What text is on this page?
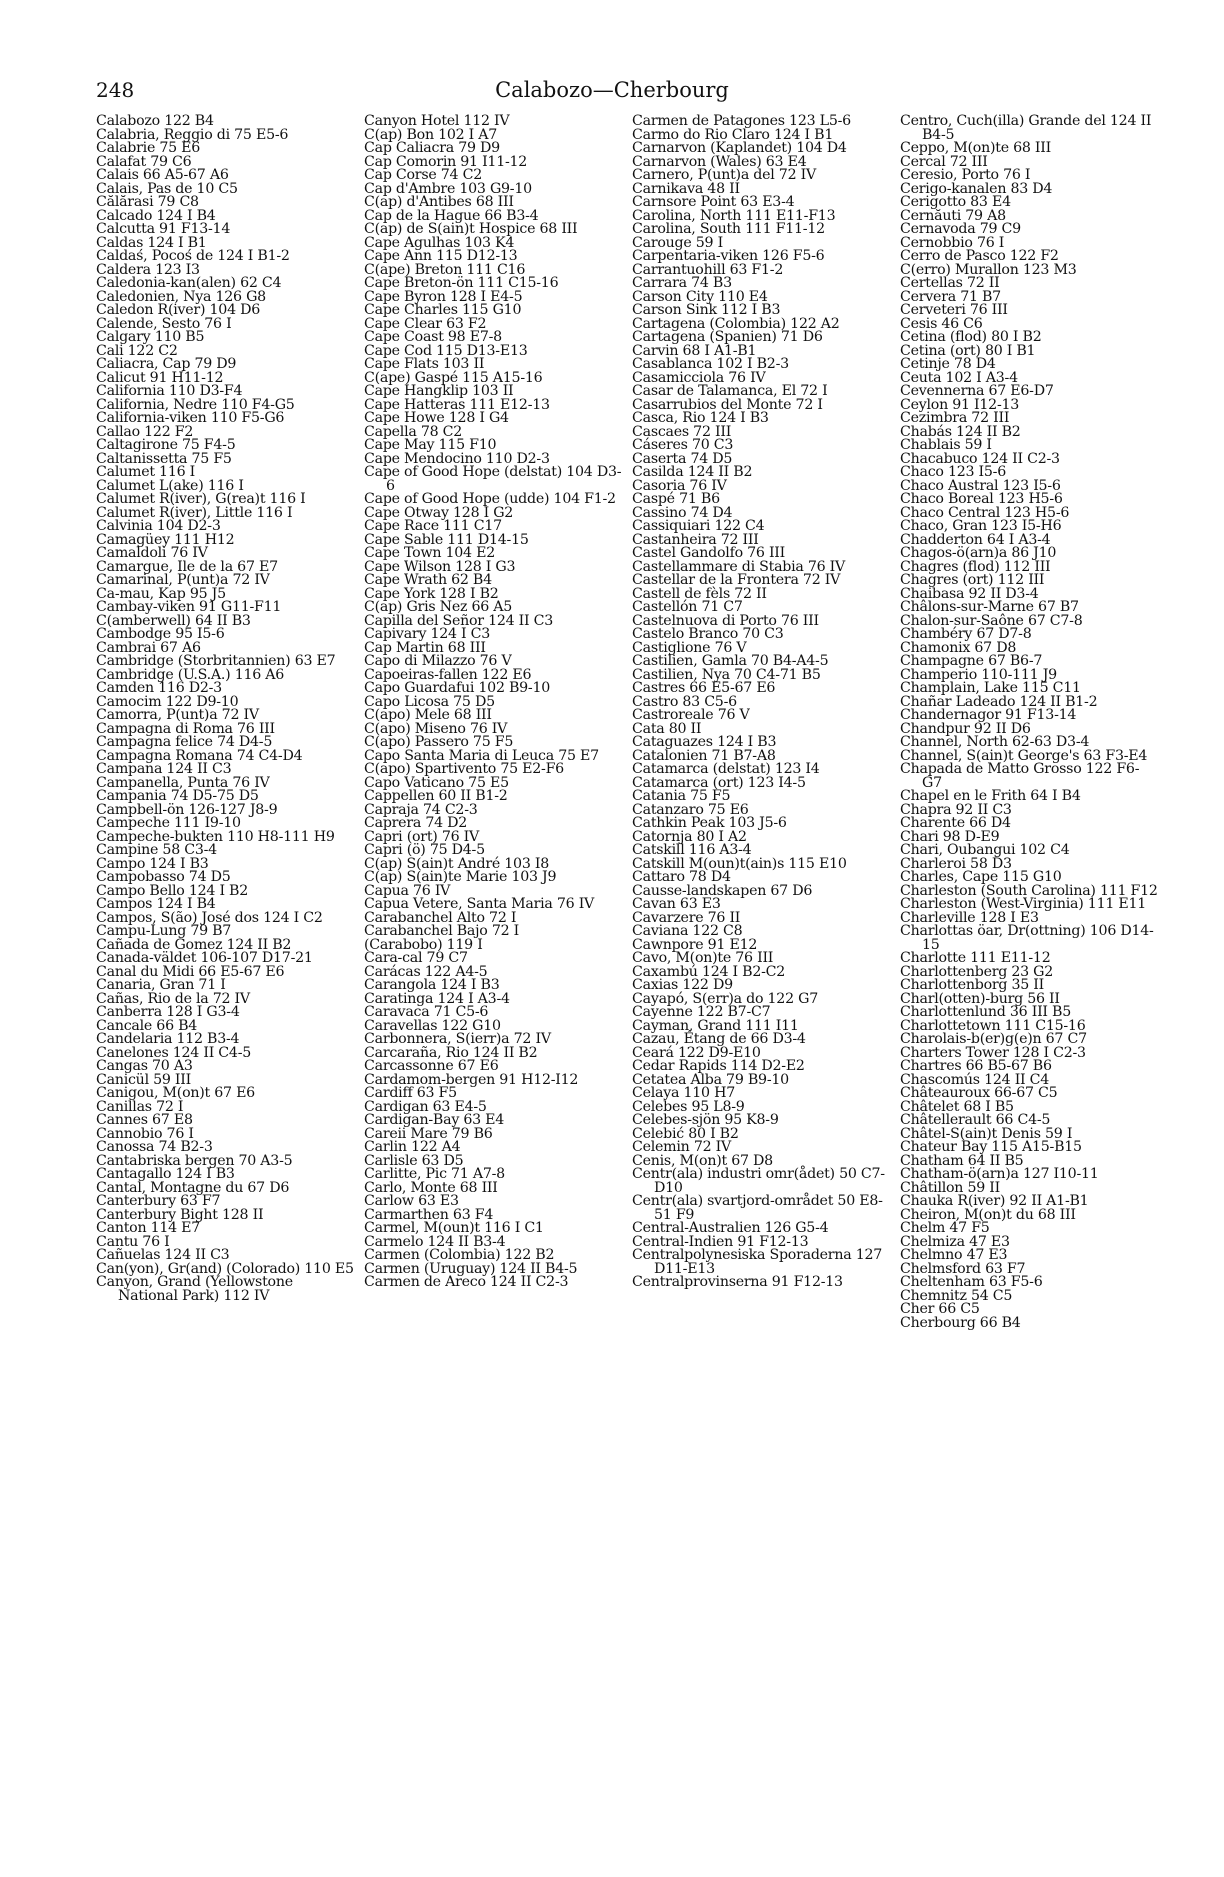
248	Calabozo—Cherbourg
Calabozo 122 B4
Calabria, Reggio di 75 E5-6
Calabrie 75 E6
Calafat 79 C6
Calais 66 A5-67 A6
Calais, Pas de 10 C5
Călărasi 79 C8
Calcado 124 I B4
Calcutta 91 F13-14
Caldas 124 I B1
Caldaś, Pocoś de 124 I B1-2
Caldera 123 I3
Caledonia-kan(alen) 62 C4
Caledonien, Nya 126 G8
Caledon R(iver) 104 D6
Calende, Sesto 76 I
Calgary 110 B5
Cali 122 C2
Caliacra, Cap 79 D9
Calicut 91 H11-12
California 110 D3-F4
California, Nedre 110 F4-G5
California-viken 110 F5-G6
Callao 122 F2
Caltagirone 75 F4-5
Caltanissetta 75 F5
Calumet 116 I
Calumet L(ake) 116 I
Calumet R(iver), G(rea)t 116 I
Calumet R(iver), Little 116 I
Calvinia 104 D2-3
Camagüey 111 H12
Camaldoli 76 IV
Camargue, Ile de la 67 E7
Camarinal, P(unt)a 72 IV
Ca-mau, Kap 95 J5
Cambay-viken 91 G11-F11
C(amberwell) 64 II B3
Cambodge 95 I5-6
Cambrai 67 A6
Cambridge (Storbritannien) 63 E7
Cambridge (U.S.A.) 116 A6
Camden 116 D2-3
Camocim 122 D9-10
Camorra, P(unt)a 72 IV
Campagna di Roma 76 III
Campagna felice 74 D4-5
Campagna Romana 74 C4-D4
Campana 124 II C3
Campanella, Punta 76 IV
Campania 74 D5-75 D5
Campbell-ön 126-127 J8-9
Campeche 111 I9-10
Campeche-bukten 110 H8-111 H9
Campine 58 C3-4
Campo 124 I B3
Campobasso 74 D5
Campo Bello 124 I B2
Campos 124 I B4
Campos, S(ão) José dos 124 I C2
Campu-Lung 79 B7
Cañada de Gomez 124 II B2
Canada-väldet 106-107 D17-21
Canal du Midi 66 E5-67 E6
Canaria, Gran 71 I
Cañas, Rio de la 72 IV
Canberra 128 I G3-4
Cancale 66 B4
Candelaria 112 B3-4
Canelones 124 II C4-5
Cangas 70 A3
Canicül 59 III
Canigou, M(on)t 67 E6
Canillas 72 I
Cannes 67 E8
Cannobio 76 I
Canossa 74 B2-3
Cantabriska bergen 70 A3-5
Cantagallo 124 I B3
Cantal, Montagne du 67 D6
Canterbury 63 F7
Canterbury Bight 128 II
Canton 114 E7
Cantu 76 I
Cañuelas 124 II C3
Can(yon), Gr(and) (Colorado) 110 E5
Canyon, Grand (Yellowstone National Park) 112 IV
Canyon Hotel 112 IV
C(ap) Bon 102 I A7
Cap Caliacra 79 D9
Cap Comorin 91 I11-12
Cap Corse 74 C2
Cap d'Ambre 103 G9-10
C(ap) d'Antibes 68 III
Cap de la Hague 66 B3-4
C(ap) de S(ain)t Hospice 68 III
Cape Agulhas 103 K4
Cape Ann 115 D12-13
C(ape) Breton 111 C16
Cape Breton-ön 111 C15-16
Cape Byron 128 I E4-5
Cape Charles 115 G10
Cape Clear 63 F2
Cape Coast 98 E7-8
Cape Cod 115 D13-E13
Cape Flats 103 II
C(ape) Gaspé 115 A15-16
Cape Hangklip 103 II
Cape Hatteras 111 E12-13
Cape Howe 128 I G4
Capella 78 C2
Cape May 115 F10
Cape Mendocino 110 D2-3
Cape of Good Hope (delstat) 104 D3-6
Cape of Good Hope (udde) 104 F1-2
Cape Otway 128 I G2
Cape Race 111 C17
Cape Sable 111 D14-15
Cape Town 104 E2
Cape Wilson 128 I G3
Cape Wrath 62 B4
Cape York 128 I B2
C(ap) Gris Nez 66 A5
Capilla del Señor 124 II C3
Capivary 124 I C3
Cap Martin 68 III
Capo di Milazzo 76 V
Capoeiras-fallen 122 E6
Capo Guardafui 102 B9-10
Capo Licosa 75 D5
C(apo) Mele 68 III
C(apo) Miseno 76 IV
C(apo) Passero 75 F5
Capo Santa Maria di Leuca 75 E7
C(apo) Spartivento 75 E2-F6
Capo Vaticano 75 E5
Cappellen 60 II B1-2
Capraja 74 C2-3
Caprera 74 D2
Capri (ort) 76 IV
Capri (ö) 75 D4-5
C(ap) S(ain)t André 103 I8
C(ap) S(ain)te Marie 103 J9
Capua 76 IV
Capua Vetere, Santa Maria 76 IV
Carabanchel Alto 72 I
Carabanchel Bajo 72 I
(Carabobo) 119 I
Cara-cal 79 C7
Carácas 122 A4-5
Carangola 124 I B3
Caratinga 124 I A3-4
Caravaca 71 C5-6
Caravellas 122 G10
Carbonnera, S(ierr)a 72 IV
Carcaraña, Rio 124 II B2
Carcassonne 67 E6
Cardamom-bergen 91 H12-I12
Cardiff 63 F5
Cardigan 63 E4-5
Cardigan-Bay 63 E4
Careii Mare 79 B6
Carlin 122 A4
Carlisle 63 D5
Carlitte, Pic 71 A7-8
Carlo, Monte 68 III
Carlow 63 E3
Carmarthen 63 F4
Carmel, M(oun)t 116 I C1
Carmelo 124 II B3-4
Carmen (Colombia) 122 B2
Carmen (Uruguay) 124 II B4-5
Carmen de Areco 124 II C2-3
Carmen de Patagones 123 L5-6
Carmo do Rio Claro 124 I B1
Carnarvon (Kaplandet) 104 D4
Carnarvon (Wales) 63 E4
Carnero, P(unt)a del 72 IV
Carnikava 48 II
Carnsore Point 63 E3-4
Carolina, North 111 E11-F13
Carolina, South 111 F11-12
Carouge 59 I
Carpentaria-viken 126 F5-6
Carrantuohill 63 F1-2
Carrara 74 B3
Carson City 110 E4
Carson Sink 112 I B3
Cartagena (Colombia) 122 A2
Cartagena (Spanien) 71 D6
Carvin 68 I A1-B1
Casablanca 102 I B2-3
Casamicciola 76 IV
Casar de Talamanca, El 72 I
Casarrubios del Monte 72 I
Casca, Rio 124 I B3
Cascaes 72 III
Cáseres 70 C3
Caserta 74 D5
Casilda 124 II B2
Casoria 76 IV
Caspé 71 B6
Cassino 74 D4
Cassiquiari 122 C4
Castanheira 72 III
Castel Gandolfo 76 III
Castellammare di Stabia 76 IV
Castellar de la Frontera 72 IV
Castell de fèls 72 II
Castellón 71 C7
Castelnuova di Porto 76 III
Castelo Branco 70 C3
Castiglione 76 V
Castilien, Gamla 70 B4-A4-5
Castilien, Nya 70 C4-71 B5
Castres 66 E5-67 E6
Castro 83 C5-6
Castroreale 76 V
Cata 80 II
Cataguazes 124 I B3
Catalonien 71 B7-A8
Catamarca (delstat) 123 I4
Catamarca (ort) 123 I4-5
Catania 75 F5
Catanzaro 75 E6
Cathkin Peak 103 J5-6
Catornja 80 I A2
Catskill 116 A3-4
Catskill M(oun)t(ain)s 115 E10
Cattaro 78 D4
Causse-landskapen 67 D6
Cavan 63 E3
Cavarzere 76 II
Caviana 122 C8
Cawnpore 91 E12
Cavo, M(on)te 76 III
Caxambú 124 I B2-C2
Caxias 122 D9
Cayapó, S(err)a do 122 G7
Cayenne 122 B7-C7
Cayman, Grand 111 I11
Cazau, Étang de 66 D3-4
Ceará 122 D9-E10
Cedar Rapids 114 D2-E2
Cetatea Alba 79 B9-10
Celaya 110 H7
Celebes 95 L8-9
Celebes-sjön 95 K8-9
Celebić 80 I B2
Celemin 72 IV
Cenis, M(on)t 67 D8
Centr(ala) industri omr(ådet) 50 C7-D10
Centr(ala) svartjord-området 50 E8-51 F9
Central-Australien 126 G5-4
Central-Indien 91 F12-13
Centralpolynesiska Sporaderna 127 D11-E13
Centralprovinserna 91 F12-13
Centro, Cuch(illa) Grande del 124 II B4-5
Ceppo, M(on)te 68 III
Cercal 72 III
Ceresio, Porto 76 I
Cerigo-kanalen 83 D4
Cerigotto 83 E4
Cernăuti 79 A8
Cernavoda 79 C9
Cernobbio 76 I
Cerro de Pasco 122 F2
C(erro) Murallon 123 M3
Certellas 72 II
Cervera 71 B7
Cerveteri 76 III
Cesis 46 C6
Cetina (flod) 80 I B2
Cetina (ort) 80 I B1
Cetinje 78 D4
Ceuta 102 I A3-4
Cevennerna 67 E6-D7
Ceylon 91 I12-13
Cezimbra 72 III
Chabás 124 II B2
Chablais 59 I
Chacabuco 124 II C2-3
Chaco 123 I5-6
Chaco Austral 123 I5-6
Chaco Boreal 123 H5-6
Chaco Central 123 H5-6
Chaco, Gran 123 I5-H6
Chadderton 64 I A3-4
Chagos-ö(arn)a 86 J10
Chagres (flod) 112 III
Chagres (ort) 112 III
Chaibasa 92 II D3-4
Châlons-sur-Marne 67 B7
Chalon-sur-Saône 67 C7-8
Chambéry 67 D7-8
Chamonix 67 D8
Champagne 67 B6-7
Champerio 110-111 J9
Champlain, Lake 115 C11
Chañar Ladeado 124 II B1-2
Chandernagor 91 F13-14
Chandpur 92 II D6
Channel, North 62-63 D3-4
Channel, S(ain)t George's 63 F3-E4
Chapada de Matto Grosso 122 F6-G7
Chapel en le Frith 64 I B4
Chapra 92 II C3
Charente 66 D4
Chari 98 D-E9
Chari, Oubangui 102 C4
Charleroi 58 D3
Charles, Cape 115 G10
Charleston (South Carolina) 111 F12
Charleston (West-Virginia) 111 E11
Charleville 128 I E3
Charlottas öar, Dr(ottning) 106 D14-15
Charlotte 111 E11-12
Charlottenberg 23 G2
Charlottenborg 35 II
Charl(otten)-burg 56 II
Charlottenlund 36 III B5
Charlottetown 111 C15-16
Charolais-b(er)g(e)n 67 C7
Charters Tower 128 I C2-3
Chartres 66 B5-67 B6
Chascomús 124 II C4
Châteauroux 66-67 C5
Châtelet 68 I B5
Châtellerault 66 C4-5
Châtel-S(ain)t Denis 59 I
Chateur Bay 115 A15-B15
Chatham 64 II B5
Chatham-ö(arn)a 127 I10-11
Châtillon 59 II
Chauka R(iver) 92 II A1-B1
Cheiron, M(on)t du 68 III
Chelm 47 F5
Chelmiza 47 E3
Chelmno 47 E3
Chelmsford 63 F7
Cheltenham 63 F5-6
Chemnitz 54 C5
Cher 66 C5
Cherbourg 66 B4
